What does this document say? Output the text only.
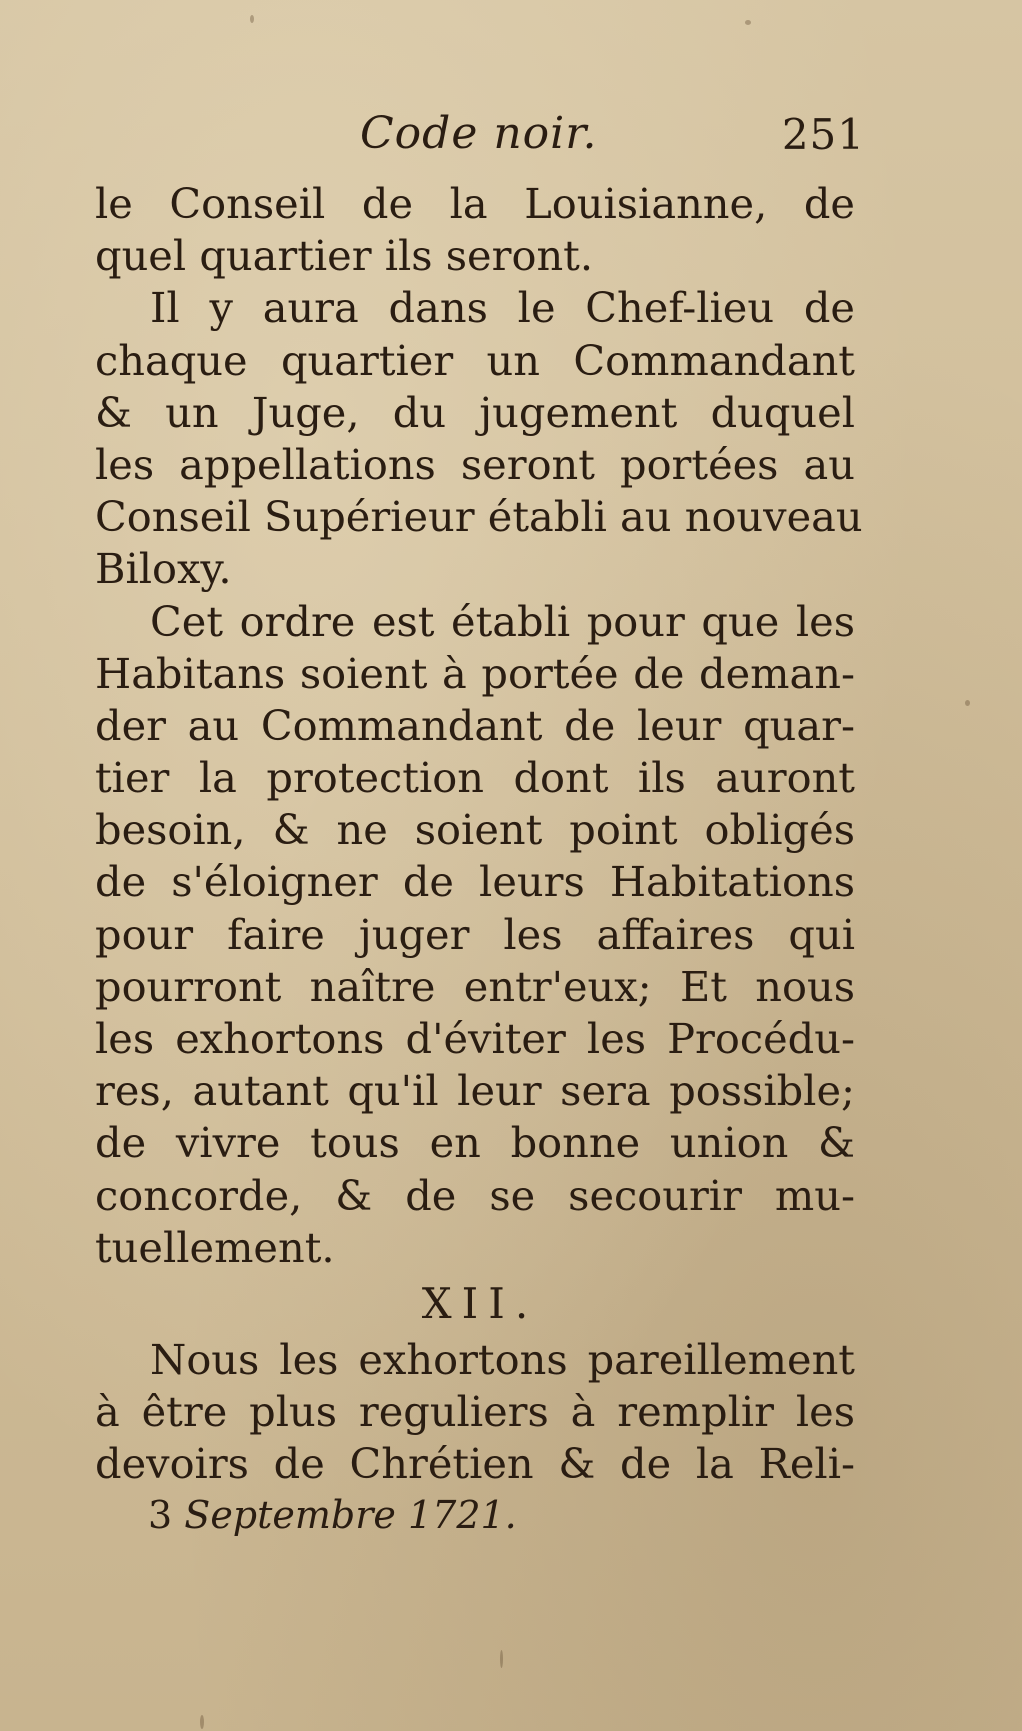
Code noir.	251
le Conseil de la Louisianne, de
quel quartier ils seront.
Il y aura dans le Chef-lieu de
chaque quartier un Commandant
& un Juge, du jugement duquel
les appellations seront portées au
Conseil Supérieur établi au nouveau
Biloxy.
Cet ordre est établi pour que les
Habitans soient à portée de deman-
der au Commandant de leur quar-
tier la protection dont ils auront
besoin, & ne soient point obligés
de s'éloigner de leurs Habitations
pour faire juger les affaires qui
pourront naître entr'eux; Et nous
les exhortons d'éviter les Procédu-
res, autant qu'il leur sera possible;
de vivre tous en bonne union &
concorde, & de se secourir mu-
tuellement.
XII.
Nous les exhortons pareillement
à être plus reguliers à remplir les
devoirs de Chrétien & de la Reli-
3 Septembre 1721.
